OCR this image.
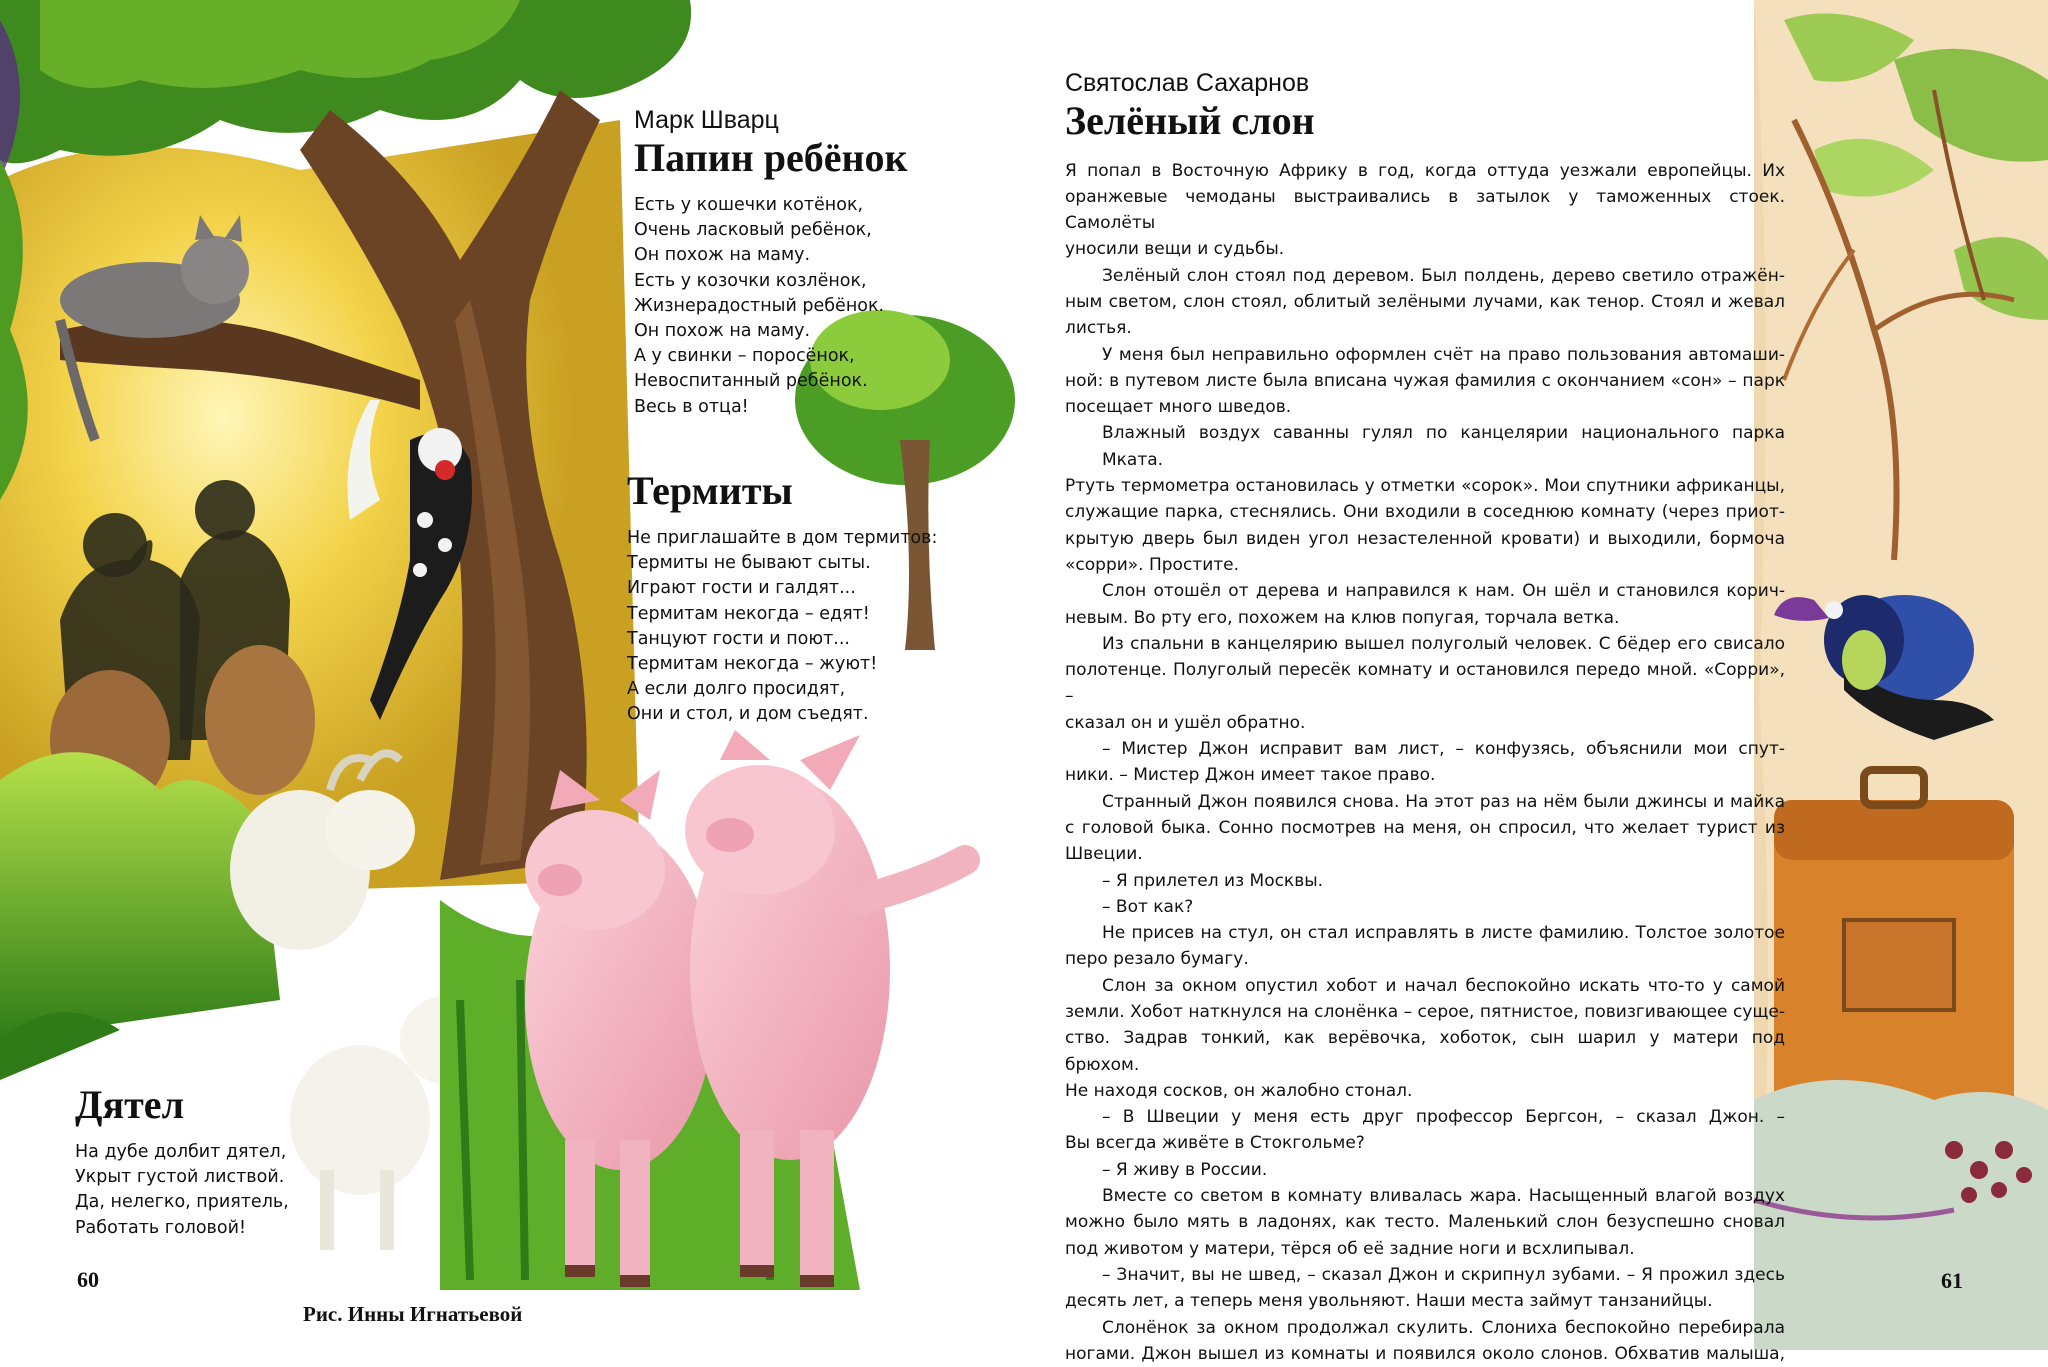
Марк Шварц
Папин ребёнок
Есть у кошечки котёнок,
Очень ласковый ребёнок,
Он похож на маму.
Есть у козочки козлёнок,
Жизнерадостный ребёнок.
Он похож на маму.
А у свинки – поросёнок,
Невоспитанный ребёнок.
Весь в отца!
Термиты
Не приглашайте в дом термитов:
Термиты не бывают сыты.
Играют гости и галдят...
Термитам некогда – едят!
Танцуют гости и поют...
Термитам некогда – жуют!
А если долго просидят,
Они и стол, и дом съедят.
Дятел
На дубе долбит дятел,
Укрыт густой листвой.
Да, нелегко, приятель,
Работать головой!
60
Рис. Инны Игнатьевой
Святослав Сахарнов
Зелёный слон
Я попал в Восточную Африку в год, когда оттуда уезжали европейцы. Их
оранжевые чемоданы выстраивались в затылок у таможенных стоек. Самолёты
уносили вещи и судьбы.
Зелёный слон стоял под деревом. Был полдень, дерево светило отражён-
ным светом, слон стоял, облитый зелёными лучами, как тенор. Стоял и жевал
листья.
У меня был неправильно оформлен счёт на право пользования автомаши-
ной: в путевом листе была вписана чужая фамилия с окончанием «сон» – парк
посещает много шведов.
Влажный воздух саванны гулял по канцелярии национального парка Мката.
Ртуть термометра остановилась у отметки «сорок». Мои спутники африканцы,
служащие парка, стеснялись. Они входили в соседнюю комнату (через приот-
крытую дверь был виден угол незастеленной кровати) и выходили, бормоча
«сорри». Простите.
Слон отошёл от дерева и направился к нам. Он шёл и становился корич-
невым. Во рту его, похожем на клюв попугая, торчала ветка.
Из спальни в канцелярию вышел полуголый человек. С бёдер его свисало
полотенце. Полуголый пересёк комнату и остановился передо мной. «Сорри», –
сказал он и ушёл обратно.
– Мистер Джон исправит вам лист, – конфузясь, объяснили мои спут-
ники. – Мистер Джон имеет такое право.
Странный Джон появился снова. На этот раз на нём были джинсы и майка
с головой быка. Сонно посмотрев на меня, он спросил, что желает турист из
Швеции.
– Я прилетел из Москвы.
– Вот как?
Не присев на стул, он стал исправлять в листе фамилию. Толстое золотое
перо резало бумагу.
Слон за окном опустил хобот и начал беспокойно искать что-то у самой
земли. Хобот наткнулся на слонёнка – серое, пятнистое, повизгивающее суще-
ство. Задрав тонкий, как верёвочка, хоботок, сын шарил у матери под брюхом.
Не находя сосков, он жалобно стонал.
– В Швеции у меня есть друг профессор Бергсон, – сказал Джон. –
Вы всегда живёте в Стокгольме?
– Я живу в России.
Вместе со светом в комнату вливалась жара. Насыщенный влагой воздух
можно было мять в ладонях, как тесто. Маленький слон безуспешно сновал
под животом у матери, тёрся об её задние ноги и всхлипывал.
– Значит, вы не швед, – сказал Джон и скрипнул зубами. – Я прожил здесь
десять лет, а теперь меня увольняют. Наши места займут танзанийцы.
Слонёнок за окном продолжал скулить. Слониха беспокойно перебирала
ногами. Джон вышел из комнаты и появился около слонов. Обхватив малыша,
61
